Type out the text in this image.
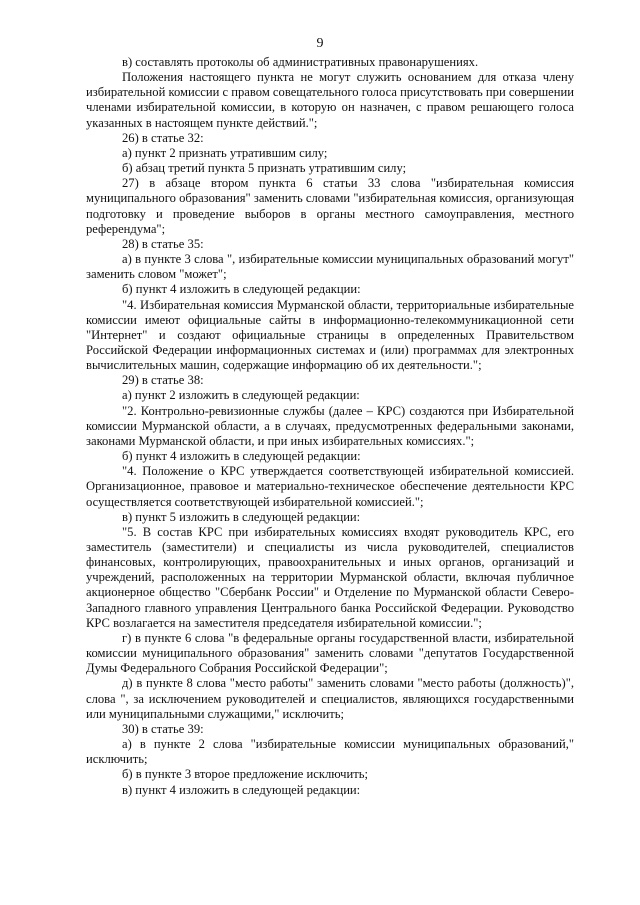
9

в) составлять протоколы об административных правонарушениях.

Положения настоящего пункта не могут служить основанием для отказа члену избирательной комиссии с правом совещательного голоса присутствовать при совершении членами избирательной комиссии, в которую он назначен, с правом решающего голоса указанных в настоящем пункте действий.";

26) в статье 32:

а) пункт 2 признать утратившим силу;

б) абзац третий пункта 5 признать утратившим силу;

27) в абзаце втором пункта 6 статьи 33 слова "избирательная комиссия муниципального образования" заменить словами "избирательная комиссия, организующая подготовку и проведение выборов в органы местного самоуправления, местного референдума";

28) в статье 35:

а) в пункте 3 слова ", избирательные комиссии муниципальных образований могут" заменить словом "может";

б) пункт 4 изложить в следующей редакции:

"4. Избирательная комиссия Мурманской области, территориальные избирательные комиссии имеют официальные сайты в информационно-телекоммуникационной сети "Интернет" и создают официальные страницы в определенных Правительством Российской Федерации информационных системах и (или) программах для электронных вычислительных машин, содержащие информацию об их деятельности.";

29) в статье 38:

а) пункт 2 изложить в следующей редакции:

"2. Контрольно-ревизионные службы (далее – КРС) создаются при Избирательной комиссии Мурманской области, а в случаях, предусмотренных федеральными законами, законами Мурманской области, и при иных избирательных комиссиях.";

б) пункт 4 изложить в следующей редакции:

"4. Положение о КРС утверждается соответствующей избирательной комиссией. Организационное, правовое и материально-техническое обеспечение деятельности КРС осуществляется соответствующей избирательной комиссией.";

в) пункт 5 изложить в следующей редакции:

"5. В состав КРС при избирательных комиссиях входят руководитель КРС, его заместитель (заместители) и специалисты из числа руководителей, специалистов финансовых, контролирующих, правоохранительных и иных органов, организаций и учреждений, расположенных на территории Мурманской области, включая публичное акционерное общество "Сбербанк России" и Отделение по Мурманской области Северо-Западного главного управления Центрального банка Российской Федерации. Руководство КРС возлагается на заместителя председателя избирательной комиссии.";

г) в пункте 6 слова "в федеральные органы государственной власти, избирательной комиссии муниципального образования" заменить словами "депутатов Государственной Думы Федерального Собрания Российской Федерации";

д) в пункте 8 слова "место работы" заменить словами "место работы (должность)", слова ", за исключением руководителей и специалистов, являющихся государственными или муниципальными служащими," исключить;

30) в статье 39:

а) в пункте 2 слова "избирательные комиссии муниципальных образований," исключить;

б) в пункте 3 второе предложение исключить;

в) пункт 4 изложить в следующей редакции:
